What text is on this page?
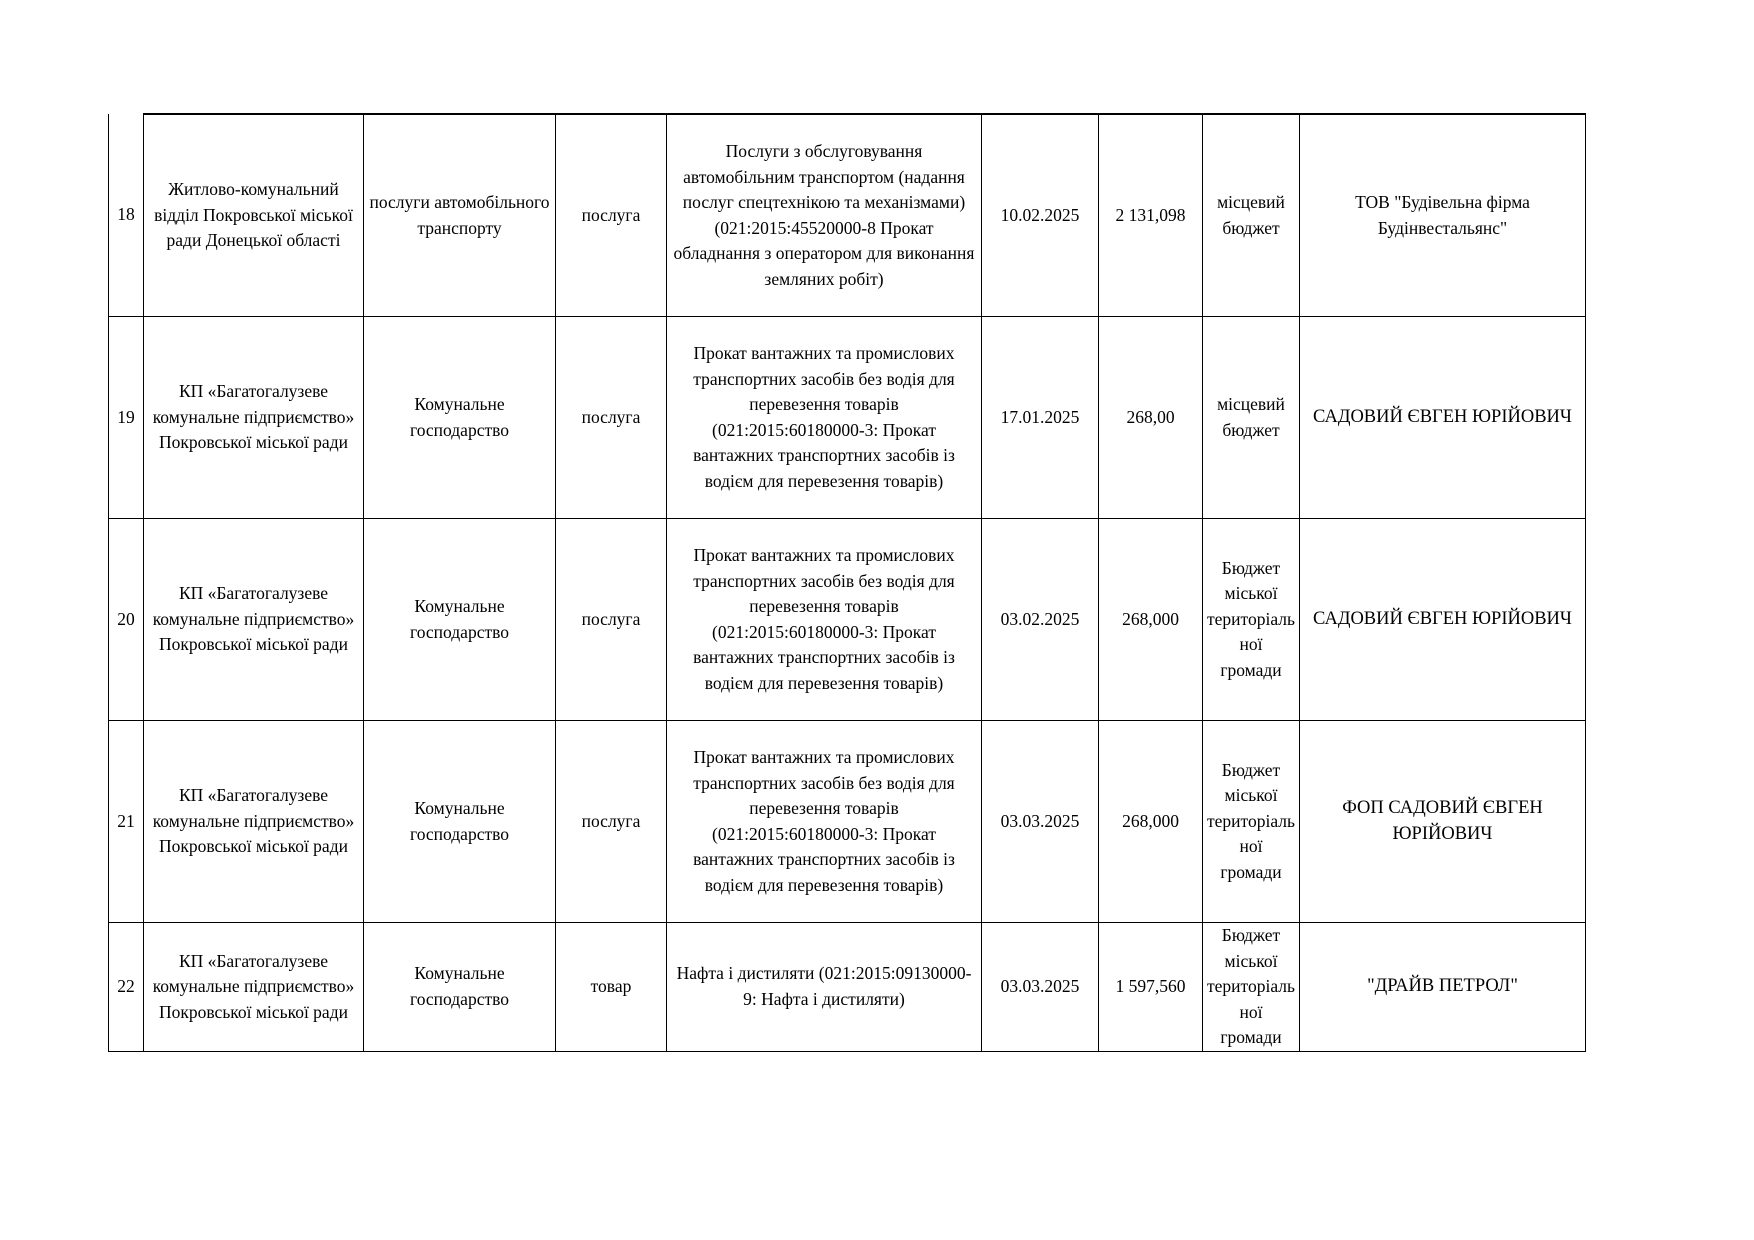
18	Житлово-комунальний відділ Покровської міської ради Донецької області	послуги автомобільного транспорту	послуга	Послуги з обслуговування автомобільним транспортом (надання послуг спецтехнікою та механізмами) (021:2015:45520000-8 Прокат обладнання з оператором для виконання земляних робіт)	10.02.2025	2 131,098	місцевий бюджет	ТОВ "Будівельна фірма Будінвестальянс"
19	КП «Багатогалузеве комунальне підприємство» Покровської міської ради	Комунальне господарство	послуга	Прокат вантажних та промислових транспортних засобів без водія для перевезення товарів (021:2015:60180000-3: Прокат вантажних транспортних засобів із водієм для перевезення товарів)	17.01.2025	268,00	місцевий бюджет	САДОВИЙ ЄВГЕН ЮРІЙОВИЧ
20	КП «Багатогалузеве комунальне підприємство» Покровської міської ради	Комунальне господарство	послуга	Прокат вантажних та промислових транспортних засобів без водія для перевезення товарів (021:2015:60180000-3: Прокат вантажних транспортних засобів із водієм для перевезення товарів)	03.02.2025	268,000	Бюджет міської територіальної громади	САДОВИЙ ЄВГЕН ЮРІЙОВИЧ
21	КП «Багатогалузеве комунальне підприємство» Покровської міської ради	Комунальне господарство	послуга	Прокат вантажних та промислових транспортних засобів без водія для перевезення товарів (021:2015:60180000-3: Прокат вантажних транспортних засобів із водієм для перевезення товарів)	03.03.2025	268,000	Бюджет міської територіальної громади	ФОП САДОВИЙ ЄВГЕН ЮРІЙОВИЧ
22	КП «Багатогалузеве комунальне підприємство» Покровської міської ради	Комунальне господарство	товар	Нафта і дистиляти (021:2015:09130000-9: Нафта і дистиляти)	03.03.2025	1 597,560	Бюджет міської територіальної громади	"ДРАЙВ ПЕТРОЛ"
